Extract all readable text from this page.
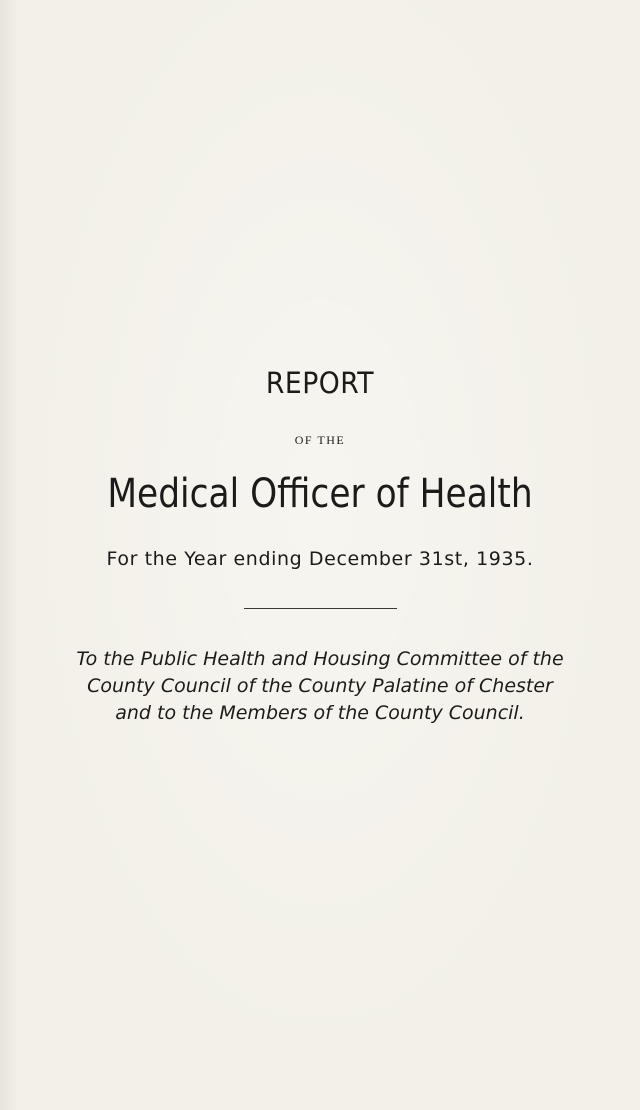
REPORT
OF THE
Medical Officer of Health
For the Year ending December 31st, 1935.
To the Public Health and Housing Committee of the
County Council of the County Palatine of Chester
and to the Members of the County Council.
